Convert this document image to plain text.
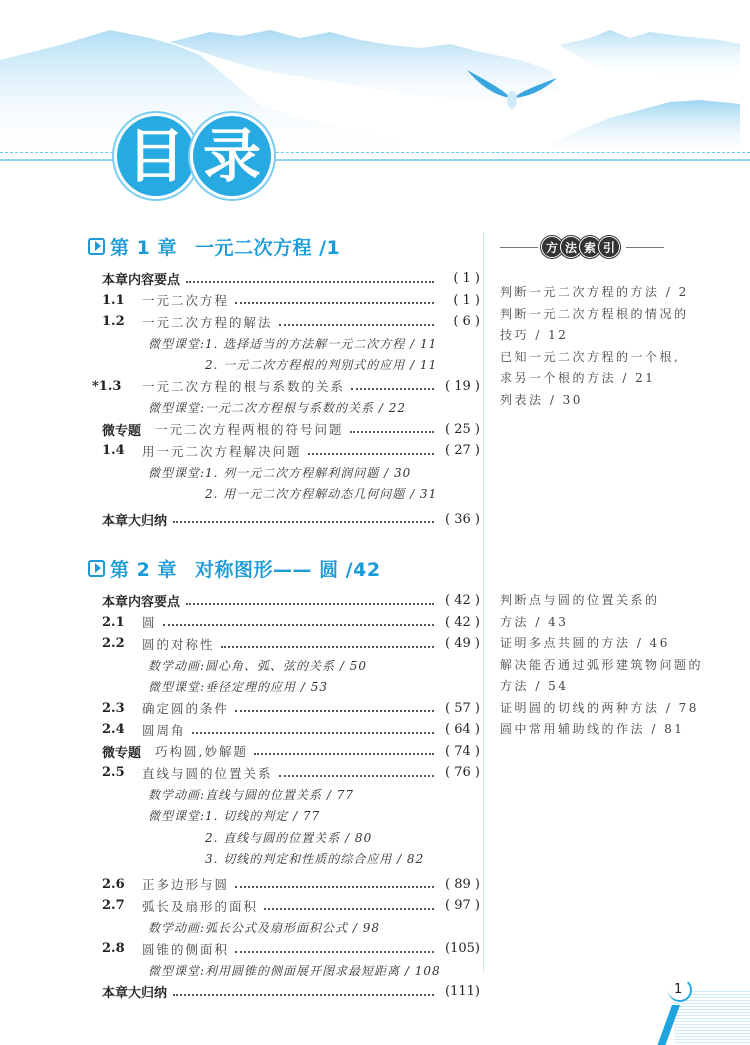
目 录
第 1 章 一元二次方程 /1
本章内容要点	( 1 )
1.1	一元二次方程	( 1 )
1.2	一元二次方程的解法	( 6 )
微型课堂:1. 选择适当的方法解一元二次方程 / 11
2. 一元二次方程根的判别式的应用 / 11
*1.3	一元二次方程的根与系数的关系	( 19 )
微型课堂:一元二次方程根与系数的关系 / 22
微专题 一元二次方程两根的符号问题	( 25 )
1.4	用一元二次方程解决问题	( 27 )
微型课堂:1. 列一元二次方程解利润问题 / 30
2. 用一元二次方程解动态几何问题 / 31
本章大归纳	( 36 )
第 2 章 对称图形—— 圆 /42
本章内容要点	( 42 )
2.1	圆	( 42 )
2.2	圆的对称性	( 49 )
数学动画:圆心角、弧、弦的关系 / 50
微型课堂:垂径定理的应用 / 53
2.3	确定圆的条件	( 57 )
2.4	圆周角	( 64 )
微专题 巧构圆,妙解题	( 74 )
2.5	直线与圆的位置关系	( 76 )
数学动画:直线与圆的位置关系 / 77
微型课堂:1. 切线的判定 / 77
2. 直线与圆的位置关系 / 80
3. 切线的判定和性质的综合应用 / 82
2.6	正多边形与圆	( 89 )
2.7	弧长及扇形的面积	( 97 )
数学动画:弧长公式及扇形面积公式 / 98
2.8	圆锥的侧面积	(105)
微型课堂:利用圆锥的侧面展开图求最短距离 / 108
本章大归纳	(111)
方 法 索 引
判断一元二次方程的方法 / 2
判断一元二次方程根的情况的
技巧 / 12
已知一元二次方程的一个根,
求另一个根的方法 / 21
列表法 / 30
判断点与圆的位置关系的
方法 / 43
证明多点共圆的方法 / 46
解决能否通过弧形建筑物问题的
方法 / 54
证明圆的切线的两种方法 / 78
圆中常用辅助线的作法 / 81
1
